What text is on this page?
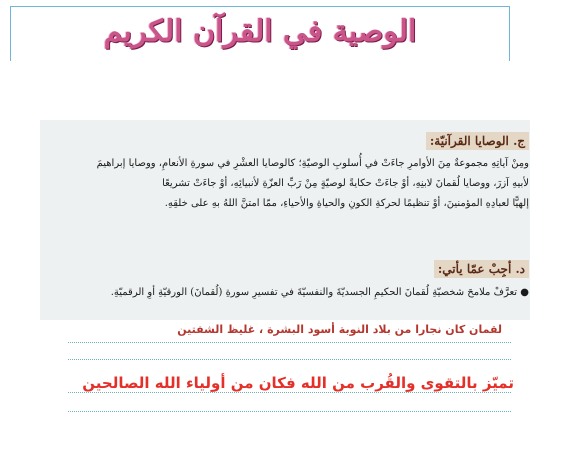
الوصية في القرآن الكريم
ج. الوصايا القرآنيّة:
ومِنْ آياتِهِ مجموعةٌ مِنَ الأوامرِ جاءَتْ في أُسلوبِ الوصيّةِ؛ كالوصايا العشْرِ في سورةِ الأنعامِ، ووصايا إبراهيمَ
لأبيهِ آزرَ، ووصايا لُقمانَ لابنِهِ، أوْ جاءَتْ حكايةً لوصيّةٍ مِنْ رَبِّ العزّةِ لأنبيائِهِ، أوْ جاءَتْ تشريعًا
إلهيًّا لعبادِهِ المؤمنينَ، أوْ تنظيمًا لحركةِ الكونِ والحياةِ والأحياءِ، ممّا امتنَّ اللهُ بهِ على خلقِهِ.
د. أجِبْ عمّا يأتي:
● تعرَّفْ ملامحَ شخصيّةِ لُقمانَ الحكيمِ الجسديّةَ والنفسيّةَ في تفسيرِ سورةِ (لُقمانَ) الورقيّةِ أوِ الرقميّةِ.
لقمان كان نجارا من بلاد النوبة أسود البشرة ، غليظ الشفتين
تميّز بالتقوى والقُرب من الله فكان من أولياء الله الصالحين
